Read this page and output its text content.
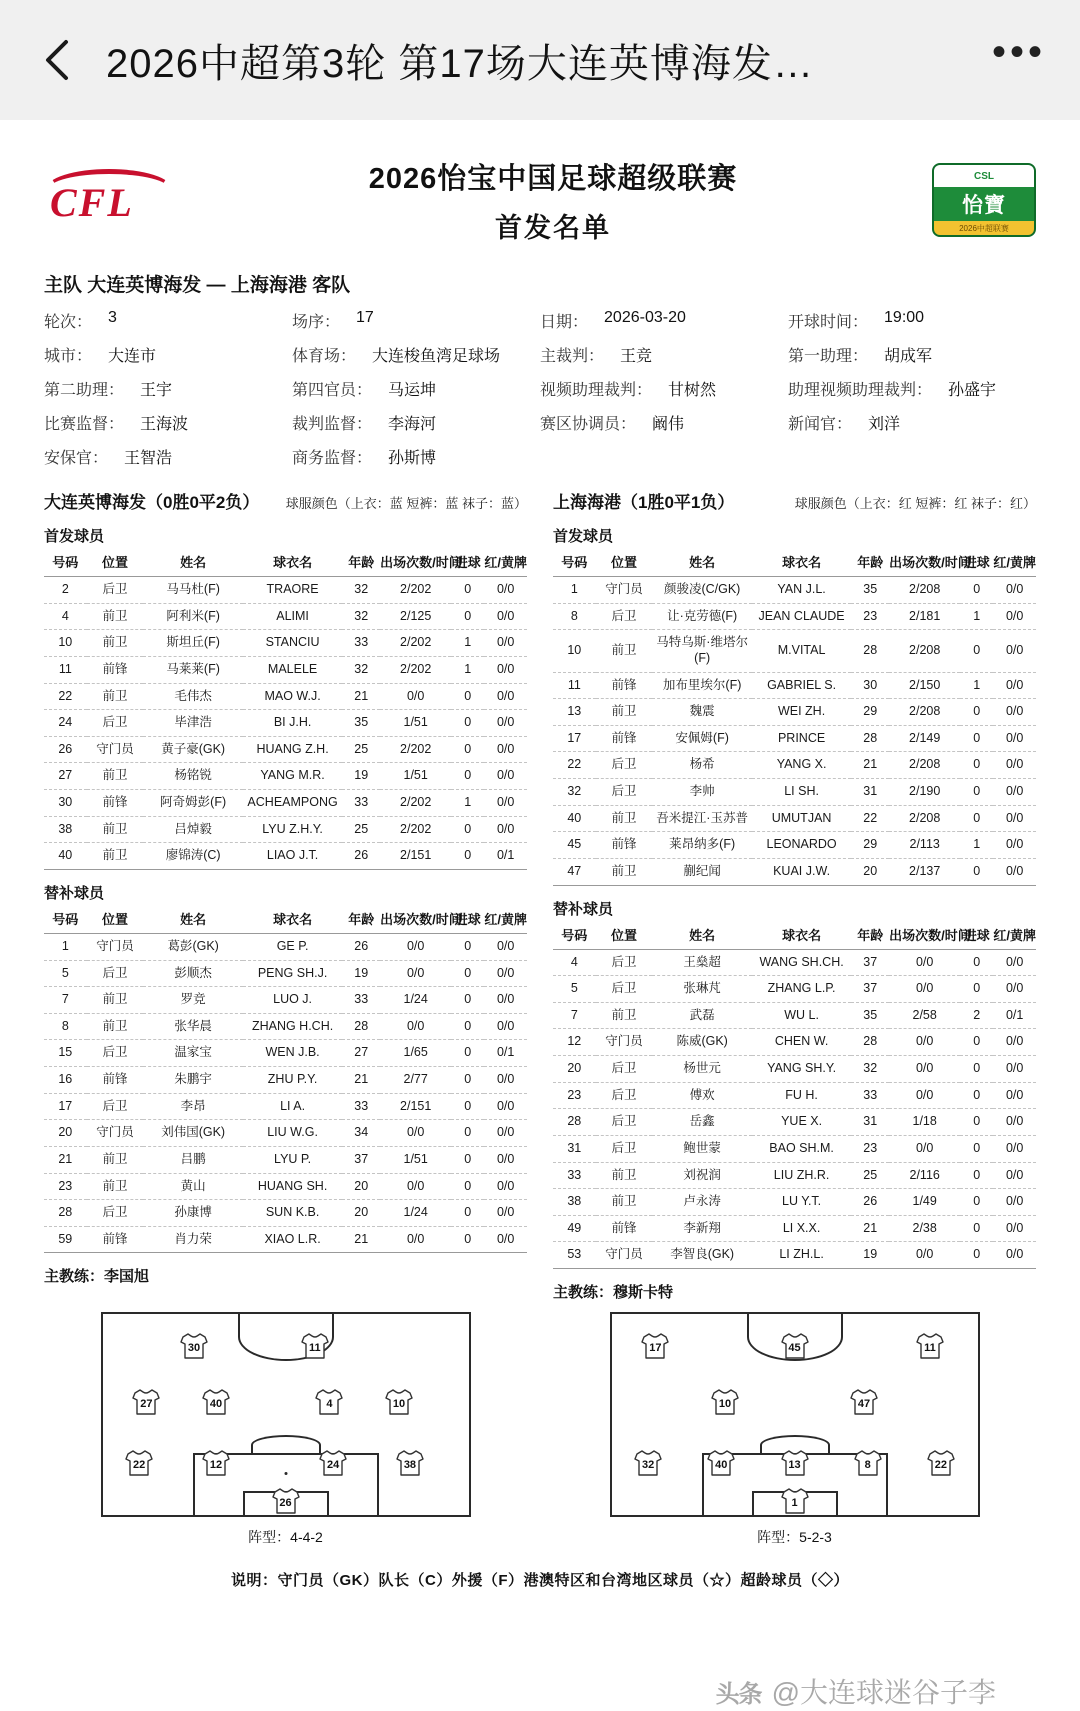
2026中超第3轮 第17场大连英博海发…	•••
CFL
2026怡宝中国足球超级联赛
首发名单
CSL
怡寶
2026中超联赛
主队 大连英博海发 — 上海海港 客队
轮次： 3	场序： 17	日期： 2026-03-20	开球时间： 19:00
城市： 大连市	体育场： 大连梭鱼湾足球场 主裁判： 王竞	第一助理： 胡成军
第二助理： 王宇	第四官员： 马运坤	视频助理裁判： 甘树然	助理视频助理裁判： 孙盛宇
比赛监督： 王海波	裁判监督： 李海河	赛区协调员： 阚伟	新闻官： 刘洋
安保官： 王智浩	商务监督： 孙斯博
大连英博海发（0胜0平2负） 球服颜色（上衣：蓝 短裤：蓝 袜子：蓝）
首发球员
号码	位置	姓名	球衣名	年龄	出场次数/时间	进球	红/黄牌
2	后卫	马马杜(F)	TRAORE	32	2/202	0	0/0
4	前卫	阿利米(F)	ALIMI	32	2/125	0	0/0
10	前卫	斯坦丘(F)	STANCIU	33	2/202	1	0/0
11	前锋	马莱莱(F)	MALELE	32	2/202	1	0/0
22	前卫	毛伟杰	MAO W.J.	21	0/0	0	0/0
24	后卫	毕津浩	BI J.H.	35	1/51	0	0/0
26	守门员	黄子豪(GK)	HUANG Z.H.	25	2/202	0	0/0
27	前卫	杨铭锐	YANG M.R.	19	1/51	0	0/0
30	前锋	阿奇姆彭(F)	ACHEAMPONG	33	2/202	1	0/0
38	前卫	吕焯毅	LYU Z.H.Y.	25	2/202	0	0/0
40	前卫	廖锦涛(C)	LIAO J.T.	26	2/151	0	0/1
替补球员
号码	位置	姓名	球衣名	年龄	出场次数/时间	进球	红/黄牌
1	守门员	葛彭(GK)	GE P.	26	0/0	0	0/0
5	后卫	彭顺杰	PENG SH.J.	19	0/0	0	0/0
7	前卫	罗竞	LUO J.	33	1/24	0	0/0
8	前卫	张华晨	ZHANG H.CH.	28	0/0	0	0/0
15	后卫	温家宝	WEN J.B.	27	1/65	0	0/1
16	前锋	朱鹏宇	ZHU P.Y.	21	2/77	0	0/0
17	后卫	李昂	LI A.	33	2/151	0	0/0
20	守门员	刘伟国(GK)	LIU W.G.	34	0/0	0	0/0
21	前卫	吕鹏	LYU P.	37	1/51	0	0/0
23	前卫	黄山	HUANG SH.	20	0/0	0	0/0
28	后卫	孙康博	SUN K.B.	20	1/24	0	0/0
59	前锋	肖力荣	XIAO L.R.	21	0/0	0	0/0
主教练：李国旭
上海海港（1胜0平1负）	球服颜色（上衣：红 短裤：红 袜子：红）
首发球员
号码	位置	姓名	球衣名	年龄	出场次数/时间	进球	红/黄牌
1	守门员	颜骏凌(C/GK)	YAN J.L.	35	2/208	0	0/0
8	后卫	让·克劳德(F)	JEAN CLAUDE	23	2/181	1	0/0
10	前卫	马特乌斯·维塔尔(F)	M.VITAL	28	2/208	0	0/0
11	前锋	加布里埃尔(F)	GABRIEL S.	30	2/150	1	0/0
13	前卫	魏震	WEI ZH.	29	2/208	0	0/0
17	前锋	安佩姆(F)	PRINCE	28	2/149	0	0/0
22	后卫	杨希	YANG X.	21	2/208	0	0/0
32	后卫	李帅	LI SH.	31	2/190	0	0/0
40	前卫	吾米提江·玉苏普	UMUTJAN	22	2/208	0	0/0
45	前锋	莱昂纳多(F)	LEONARDO	29	2/113	1	0/0
47	前卫	蒯纪闻	KUAI J.W.	20	2/137	0	0/0
替补球员
号码	位置	姓名	球衣名	年龄	出场次数/时间	进球	红/黄牌
4	后卫	王燊超	WANG SH.CH.	37	0/0	0	0/0
5	后卫	张琳芃	ZHANG L.P.	37	0/0	0	0/0
7	前卫	武磊	WU L.	35	2/58	2	0/1
12	守门员	陈威(GK)	CHEN W.	28	0/0	0	0/0
20	后卫	杨世元	YANG SH.Y.	32	0/0	0	0/0
23	后卫	傅欢	FU H.	33	0/0	0	0/0
28	后卫	岳鑫	YUE X.	31	1/18	0	0/0
31	后卫	鲍世蒙	BAO SH.M.	23	0/0	0	0/0
33	前卫	刘祝润	LIU ZH.R.	25	2/116	0	0/0
38	前卫	卢永涛	LU Y.T.	26	1/49	0	0/0
49	前锋	李新翔	LI X.X.	21	2/38	0	0/0
53	守门员	李智良(GK)	LI ZH.L.	19	0/0	0	0/0
主教练：穆斯卡特
30	11
27	40	4	10
22	12	24	38
26
阵型：4-4-2
17	45	11
10	47
32	40	13	8	22
1
阵型：5-2-3
说明：守门员（GK）队长（C）外援（F）港澳特区和台湾地区球员（☆）超龄球员（◇）
头条 @大连球迷谷子李
